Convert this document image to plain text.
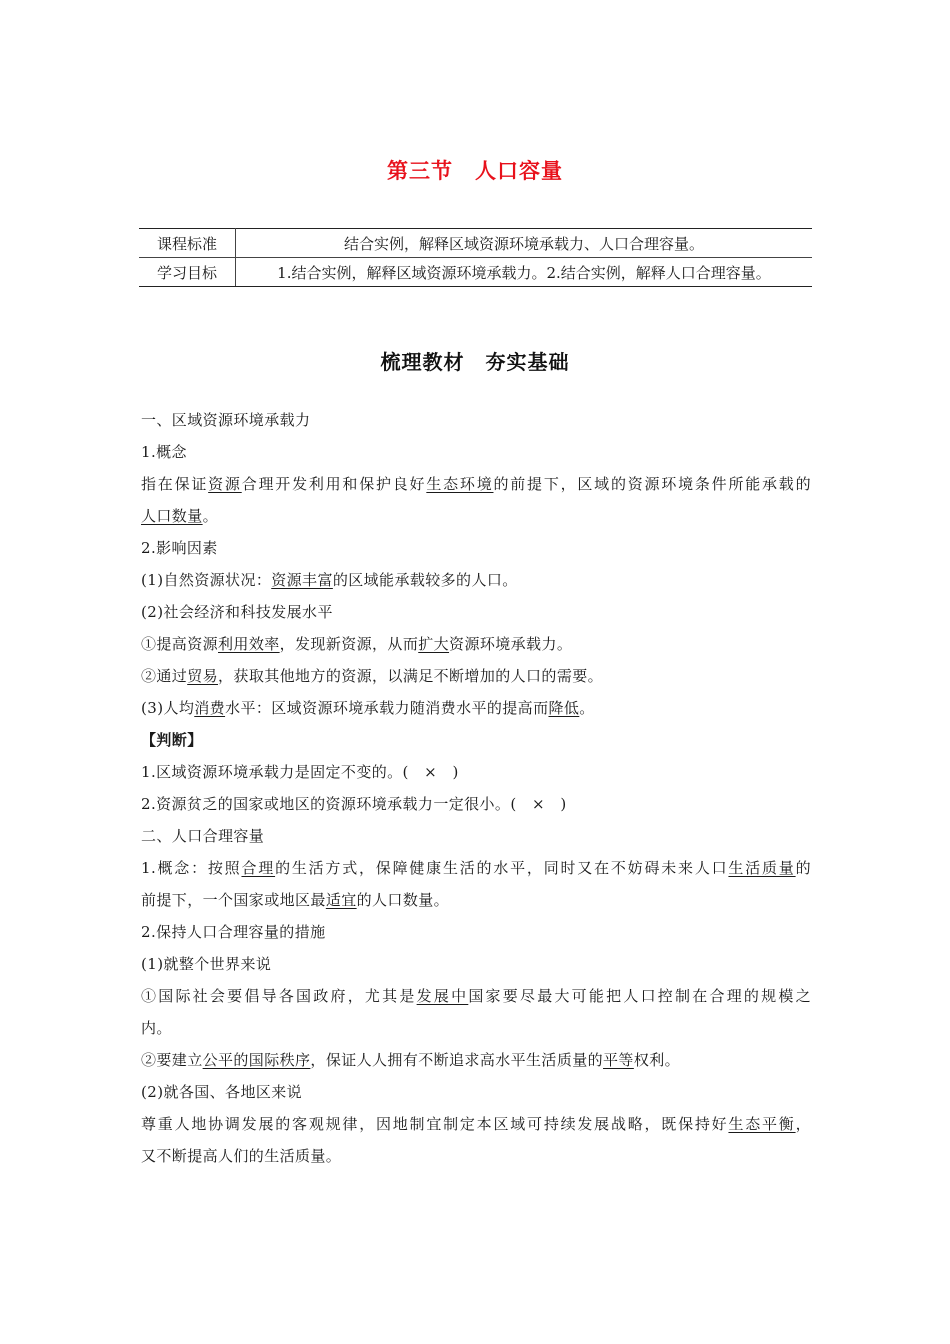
第三节　人口容量
课程标准	结合实例，解释区域资源环境承载力、人口合理容量。
学习目标	1.结合实例，解释区域资源环境承载力。2.结合实例，解释人口合理容量。
梳理教材　夯实基础
一、区域资源环境承载力
1.概念
指在保证资源合理开发利用和保护良好生态环境的前提下，区域的资源环境条件所能承载的
人口数量。
2.影响因素
(1)自然资源状况：资源丰富的区域能承载较多的人口。
(2)社会经济和科技发展水平
①提高资源利用效率，发现新资源，从而扩大资源环境承载力。
②通过贸易，获取其他地方的资源，以满足不断增加的人口的需要。
(3)人均消费水平：区域资源环境承载力随消费水平的提高而降低。
【判断】
1.区域资源环境承载力是固定不变的。(　×　)
2.资源贫乏的国家或地区的资源环境承载力一定很小。(　×　)
二、人口合理容量
1.概念：按照合理的生活方式，保障健康生活的水平，同时又在不妨碍未来人口生活质量的
前提下，一个国家或地区最适宜的人口数量。
2.保持人口合理容量的措施
(1)就整个世界来说
①国际社会要倡导各国政府，尤其是发展中国家要尽最大可能把人口控制在合理的规模之
内。
②要建立公平的国际秩序，保证人人拥有不断追求高水平生活质量的平等权利。
(2)就各国、各地区来说
尊重人地协调发展的客观规律，因地制宜制定本区域可持续发展战略，既保持好生态平衡，
又不断提高人们的生活质量。
